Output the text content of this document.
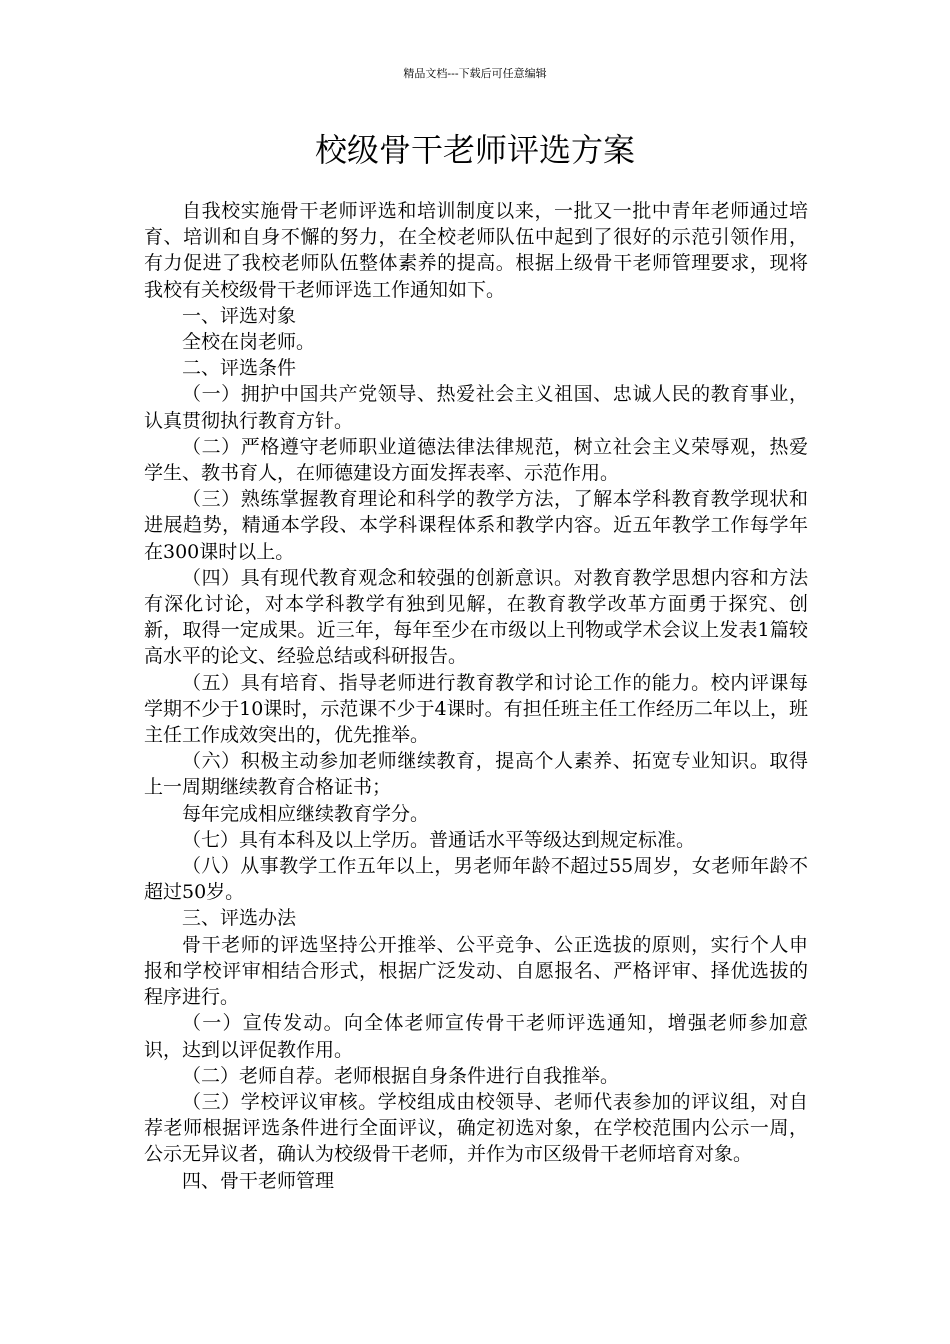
精品文档---下载后可任意编辑
校级骨干老师评选方案

自我校实施骨干老师评选和培训制度以来，一批又一批中青年老师通过培育、培训和自身不懈的努力，在全校老师队伍中起到了很好的示范引领作用，有力促进了我校老师队伍整体素养的提高。根据上级骨干老师管理要求，现将我校有关校级骨干老师评选工作通知如下。

一、评选对象

全校在岗老师。

二、评选条件

（一）拥护中国共产党领导、热爱社会主义祖国、忠诚人民的教育事业，认真贯彻执行教育方针。

（二）严格遵守老师职业道德法律法律规范，树立社会主义荣辱观，热爱学生、教书育人，在师德建设方面发挥表率、示范作用。

（三）熟练掌握教育理论和科学的教学方法，了解本学科教育教学现状和进展趋势，精通本学段、本学科课程体系和教学内容。近五年教学工作每学年在300课时以上。

（四）具有现代教育观念和较强的创新意识。对教育教学思想内容和方法有深化讨论，对本学科教学有独到见解，在教育教学改革方面勇于探究、创新，取得一定成果。近三年，每年至少在市级以上刊物或学术会议上发表1篇较高水平的论文、经验总结或科研报告。

（五）具有培育、指导老师进行教育教学和讨论工作的能力。校内评课每学期不少于10课时，示范课不少于4课时。有担任班主任工作经历二年以上，班主任工作成效突出的，优先推举。

（六）积极主动参加老师继续教育，提高个人素养、拓宽专业知识。取得上一周期继续教育合格证书；

每年完成相应继续教育学分。

（七）具有本科及以上学历。普通话水平等级达到规定标准。

（八）从事教学工作五年以上，男老师年龄不超过55周岁，女老师年龄不超过50岁。

三、评选办法

骨干老师的评选坚持公开推举、公平竞争、公正选拔的原则，实行个人申报和学校评审相结合形式，根据广泛发动、自愿报名、严格评审、择优选拔的程序进行。

（一）宣传发动。向全体老师宣传骨干老师评选通知，增强老师参加意识，达到以评促教作用。

（二）老师自荐。老师根据自身条件进行自我推举。

（三）学校评议审核。学校组成由校领导、老师代表参加的评议组，对自荐老师根据评选条件进行全面评议，确定初选对象，在学校范围内公示一周，公示无异议者，确认为校级骨干老师，并作为市区级骨干老师培育对象。

四、骨干老师管理
